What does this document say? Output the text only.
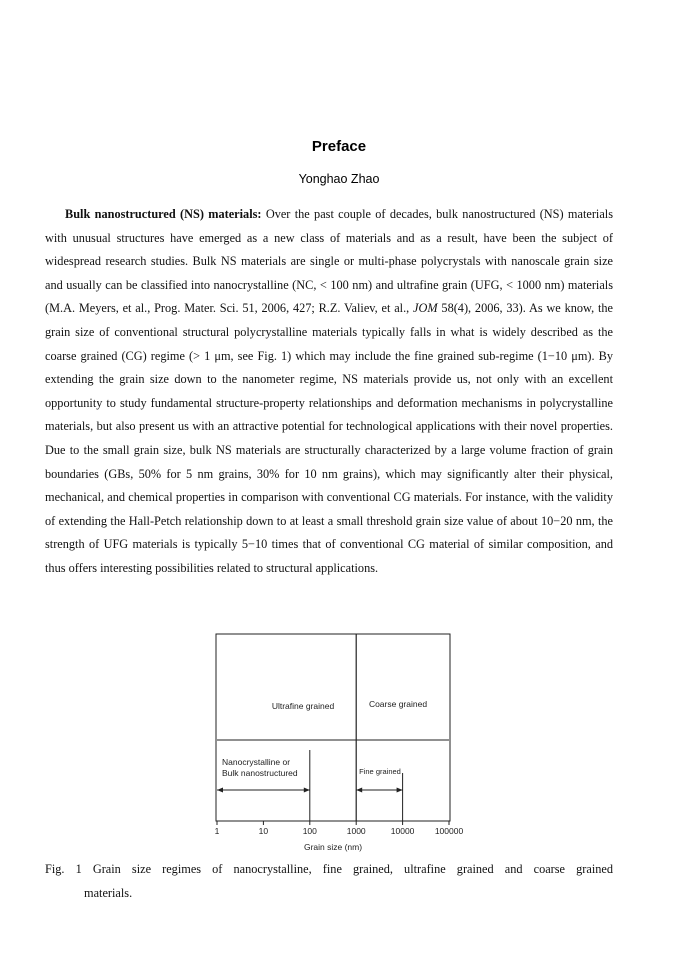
Preface
Yonghao Zhao

Bulk nanostructured (NS) materials: Over the past couple of decades, bulk nanostructured (NS) materials with unusual structures have emerged as a new class of materials and as a result, have been the subject of widespread research studies. Bulk NS materials are single or multi-phase polycrystals with nanoscale grain size and usually can be classified into nanocrystalline (NC, < 100 nm) and ultrafine grain (UFG, < 1000 nm) materials (M.A. Meyers, et al., Prog. Mater. Sci. 51, 2006, 427; R.Z. Valiev, et al., JOM 58(4), 2006, 33). As we know, the grain size of conventional structural polycrystalline materials typically falls in what is widely described as the coarse grained (CG) regime (> 1 μm, see Fig. 1) which may include the fine grained sub-regime (1−10 μm). By extending the grain size down to the nanometer regime, NS materials provide us, not only with an excellent opportunity to study fundamental structure-property relationships and deformation mechanisms in polycrystalline materials, but also present us with an attractive potential for technological applications with their novel properties. Due to the small grain size, bulk NS materials are structurally characterized by a large volume fraction of grain boundaries (GBs, 50% for 5 nm grains, 30% for 10 nm grains), which may significantly alter their physical, mechanical, and chemical properties in comparison with conventional CG materials. For instance, with the validity of extending the Hall-Petch relationship down to at least a small threshold grain size value of about 10−20 nm, the strength of UFG materials is typically 5−10 times that of conventional CG material of similar composition, and thus offers interesting possibilities related to structural applications.

Ultrafine grained	Coarse grained
Nanocrystalline or
Bulk nanostructured	Fine grained
1	10	100	1000	10000 100000
Grain size (nm)

Fig. 1 Grain size regimes of nanocrystalline, fine grained, ultrafine grained and coarse grained
materials.
